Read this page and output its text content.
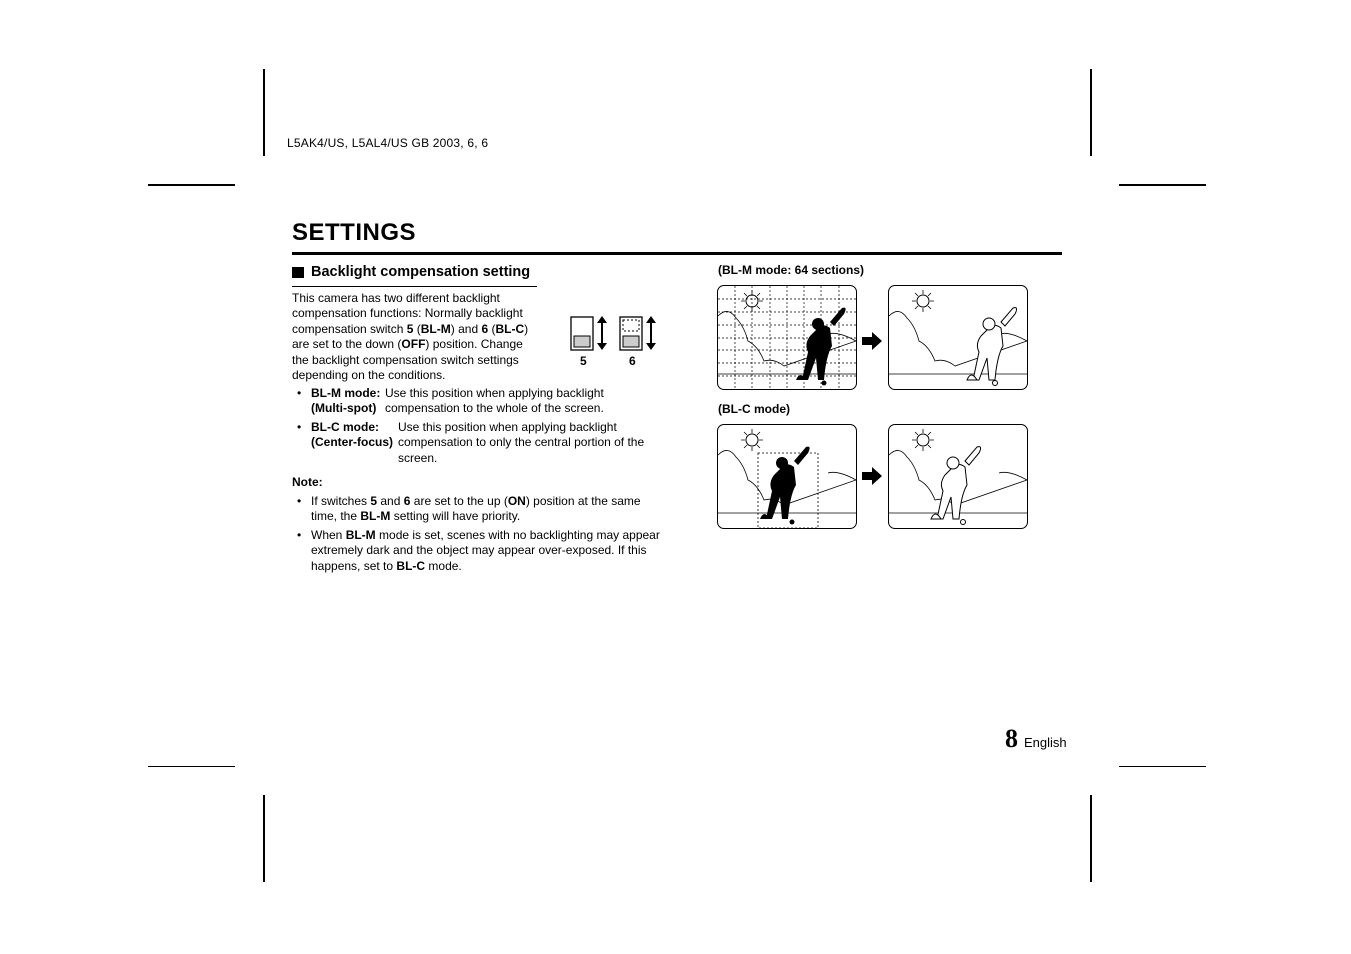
L5AK4/US, L5AL4/US GB 2003, 6, 6
SETTINGS
Backlight compensation setting
This camera has two different backlight
compensation functions: Normally backlight
compensation switch 5 (BL-M) and 6 (BL-C)
are set to the down (OFF) position. Change
the backlight compensation switch settings
depending on the conditions.
5	6
• BL-M mode:
(Multi-spot)
Use this position when applying backlight
compensation to the whole of the screen.
• BL-C mode:
(Center-focus)
Use this position when applying backlight
compensation to only the central portion of the
screen.
Note:
• If switches 5 and 6 are set to the up (ON) position at the same
time, the BL-M setting will have priority.
• When BL-M mode is set, scenes with no backlighting may appear
extremely dark and the object may appear over-exposed. If this
happens, set to BL-C mode.
(BL-M mode: 64 sections)
(BL-C mode)
8 English
